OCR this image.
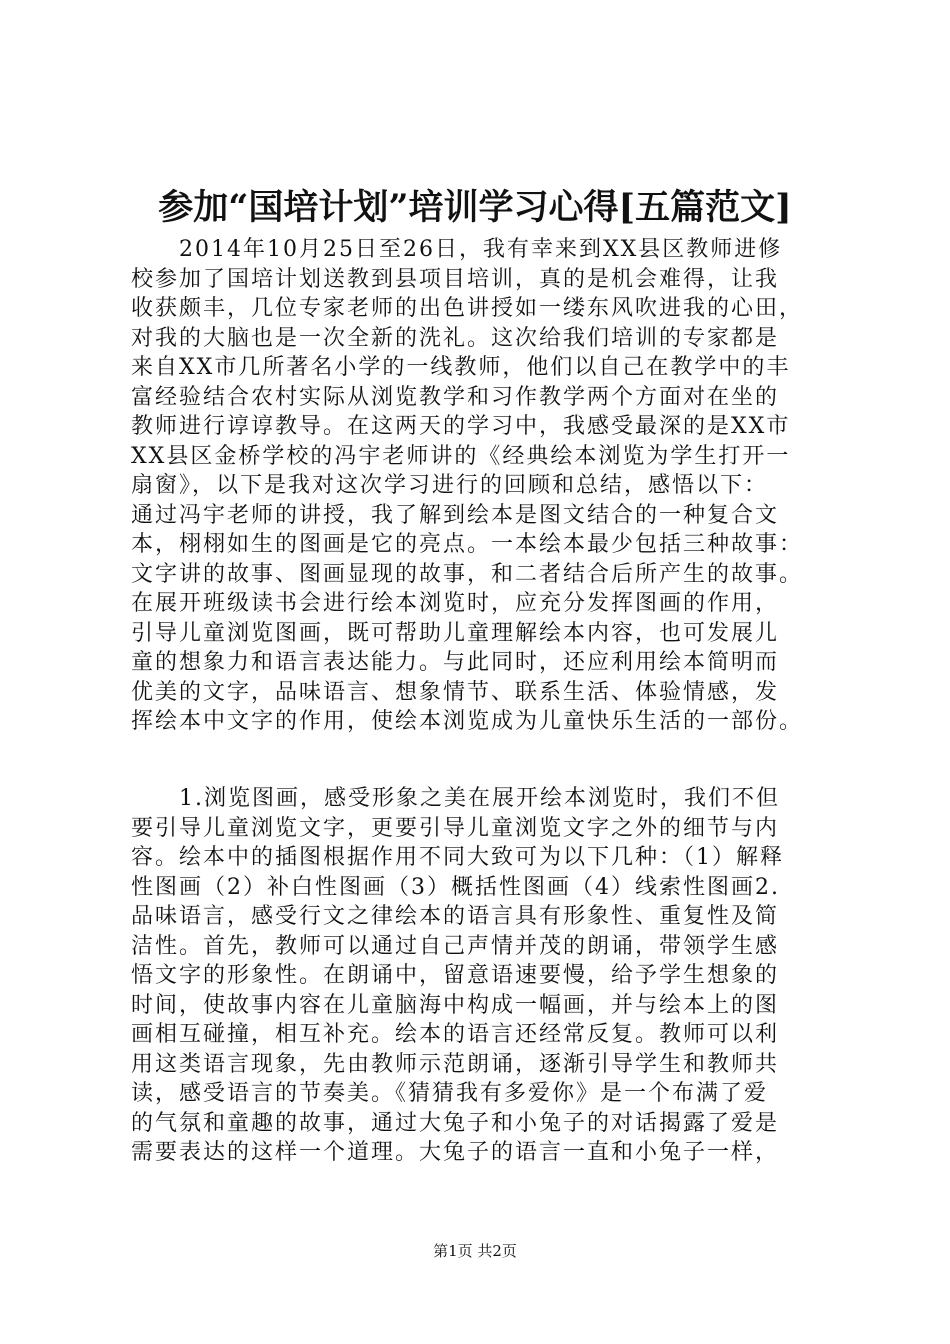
参加“国培计划”培训学习心得[五篇范文]
　　2014年10月25日至26日，我有幸来到XX县区教师进修
校参加了国培计划送教到县项目培训，真的是机会难得，让我
收获颇丰，几位专家老师的出色讲授如一缕东风吹进我的心田，
对我的大脑也是一次全新的洗礼。这次给我们培训的专家都是
来自XX市几所著名小学的一线教师，他们以自己在教学中的丰
富经验结合农村实际从浏览教学和习作教学两个方面对在坐的
教师进行谆谆教导。在这两天的学习中，我感受最深的是XX市
XX县区金桥学校的冯宇老师讲的《经典绘本浏览为学生打开一
扇窗》，以下是我对这次学习进行的回顾和总结，感悟以下：
通过冯宇老师的讲授，我了解到绘本是图文结合的一种复合文
本，栩栩如生的图画是它的亮点。一本绘本最少包括三种故事：
文字讲的故事、图画显现的故事，和二者结合后所产生的故事。
在展开班级读书会进行绘本浏览时，应充分发挥图画的作用，
引导儿童浏览图画，既可帮助儿童理解绘本内容，也可发展儿
童的想象力和语言表达能力。与此同时，还应利用绘本简明而
优美的文字，品味语言、想象情节、联系生活、体验情感，发
挥绘本中文字的作用，使绘本浏览成为儿童快乐生活的一部份。
　　1.浏览图画，感受形象之美在展开绘本浏览时，我们不但
要引导儿童浏览文字，更要引导儿童浏览文字之外的细节与内
容。绘本中的插图根据作用不同大致可为以下几种：（1）解释
性图画（2）补白性图画（3）概括性图画（4）线索性图画2.
品味语言，感受行文之律绘本的语言具有形象性、重复性及简
洁性。首先，教师可以通过自己声情并茂的朗诵，带领学生感
悟文字的形象性。在朗诵中，留意语速要慢，给予学生想象的
时间，使故事内容在儿童脑海中构成一幅画，并与绘本上的图
画相互碰撞，相互补充。绘本的语言还经常反复。教师可以利
用这类语言现象，先由教师示范朗诵，逐渐引导学生和教师共
读，感受语言的节奏美。《猜猜我有多爱你》是一个布满了爱
的气氛和童趣的故事，通过大兔子和小兔子的对话揭露了爱是
需要表达的这样一个道理。大兔子的语言一直和小兔子一样，
第1页 共2页
